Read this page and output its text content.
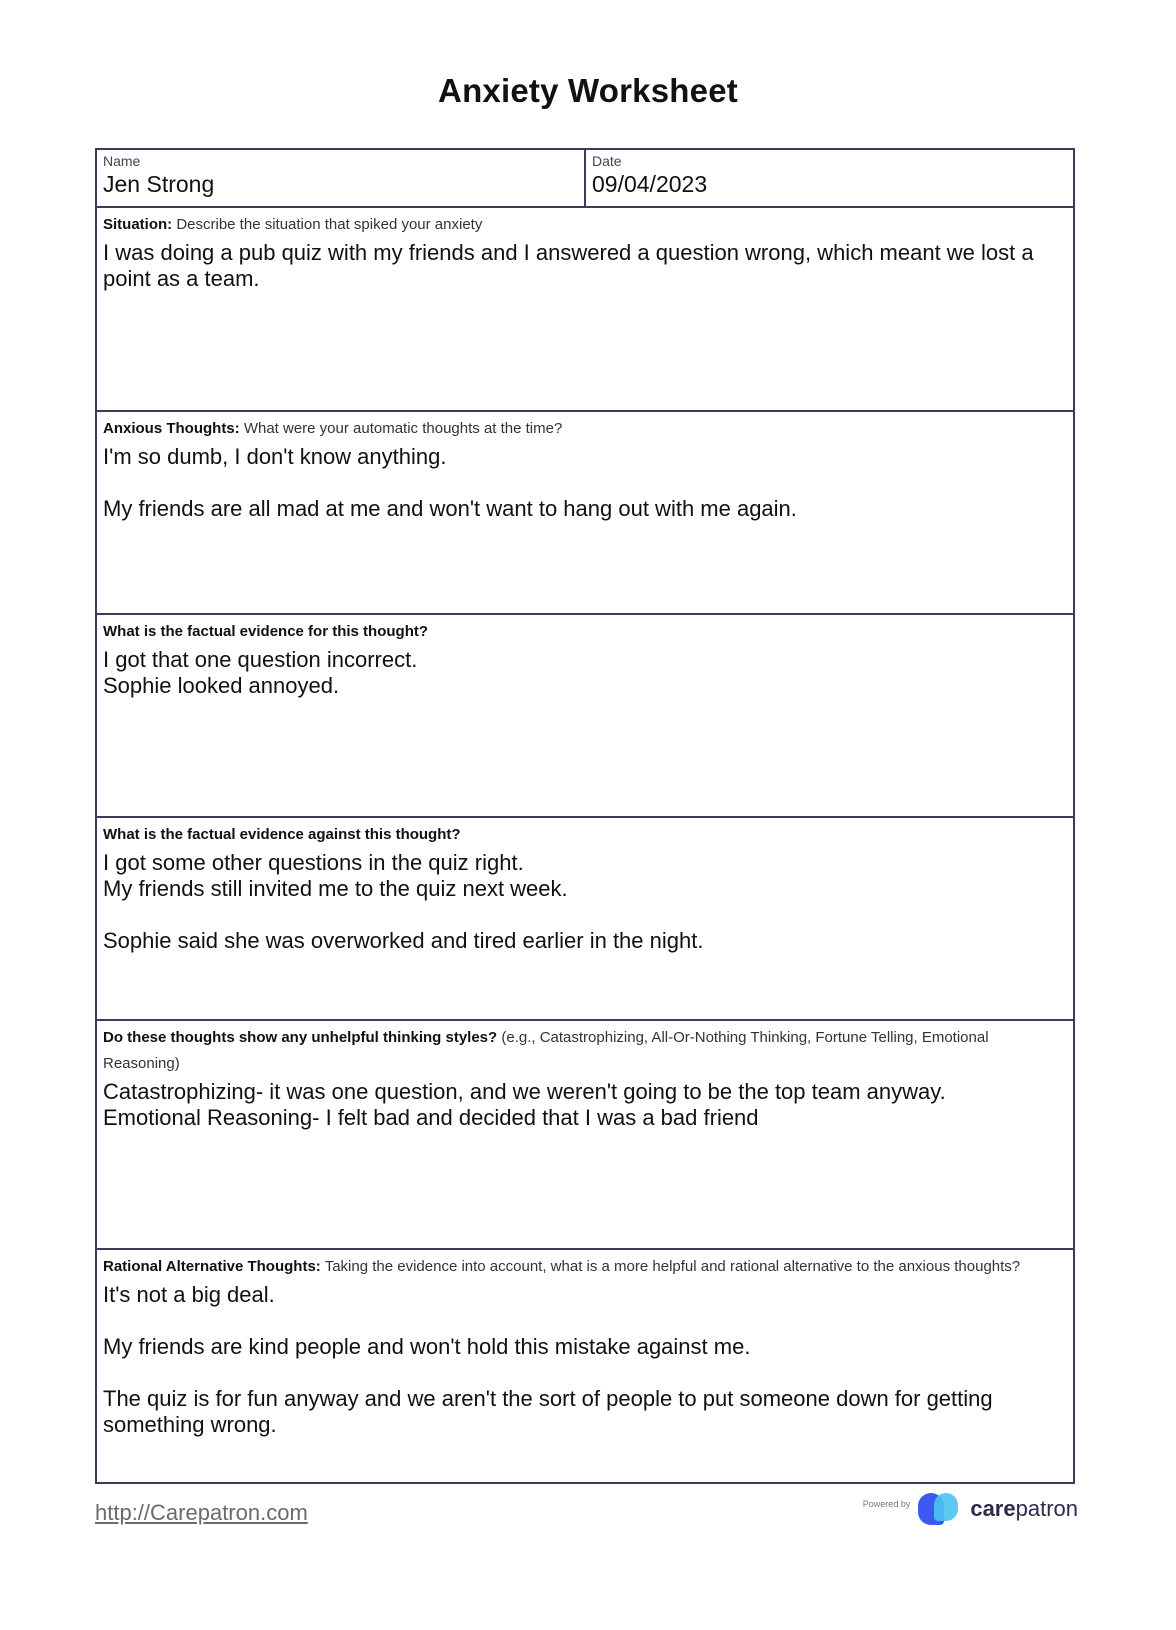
Anxiety Worksheet
Name
Jen Strong
Date
09/04/2023
Situation: Describe the situation that spiked your anxiety

I was doing a pub quiz with my friends and I answered a question wrong, which meant we lost a point as a team.

Anxious Thoughts: What were your automatic thoughts at the time?

I'm so dumb, I don't know anything.

My friends are all mad at me and won't want to hang out with me again.

What is the factual evidence for this thought?

I got that one question incorrect.

Sophie looked annoyed.

What is the factual evidence against this thought?

I got some other questions in the quiz right.

My friends still invited me to the quiz next week.

Sophie said she was overworked and tired earlier in the night.

Do these thoughts show any unhelpful thinking styles? (e.g., Catastrophizing, All-Or-Nothing Thinking, Fortune Telling, Emotional Reasoning)

Catastrophizing- it was one question, and we weren't going to be the top team anyway.

Emotional Reasoning- I felt bad and decided that I was a bad friend

Rational Alternative Thoughts: Taking the evidence into account, what is a more helpful and rational alternative to the anxious thoughts?

It's not a big deal.

My friends are kind people and won't hold this mistake against me.

The quiz is for fun anyway and we aren't the sort of people to put someone down for getting something wrong.

http://Carepatron.com	Powered by	carepatron
